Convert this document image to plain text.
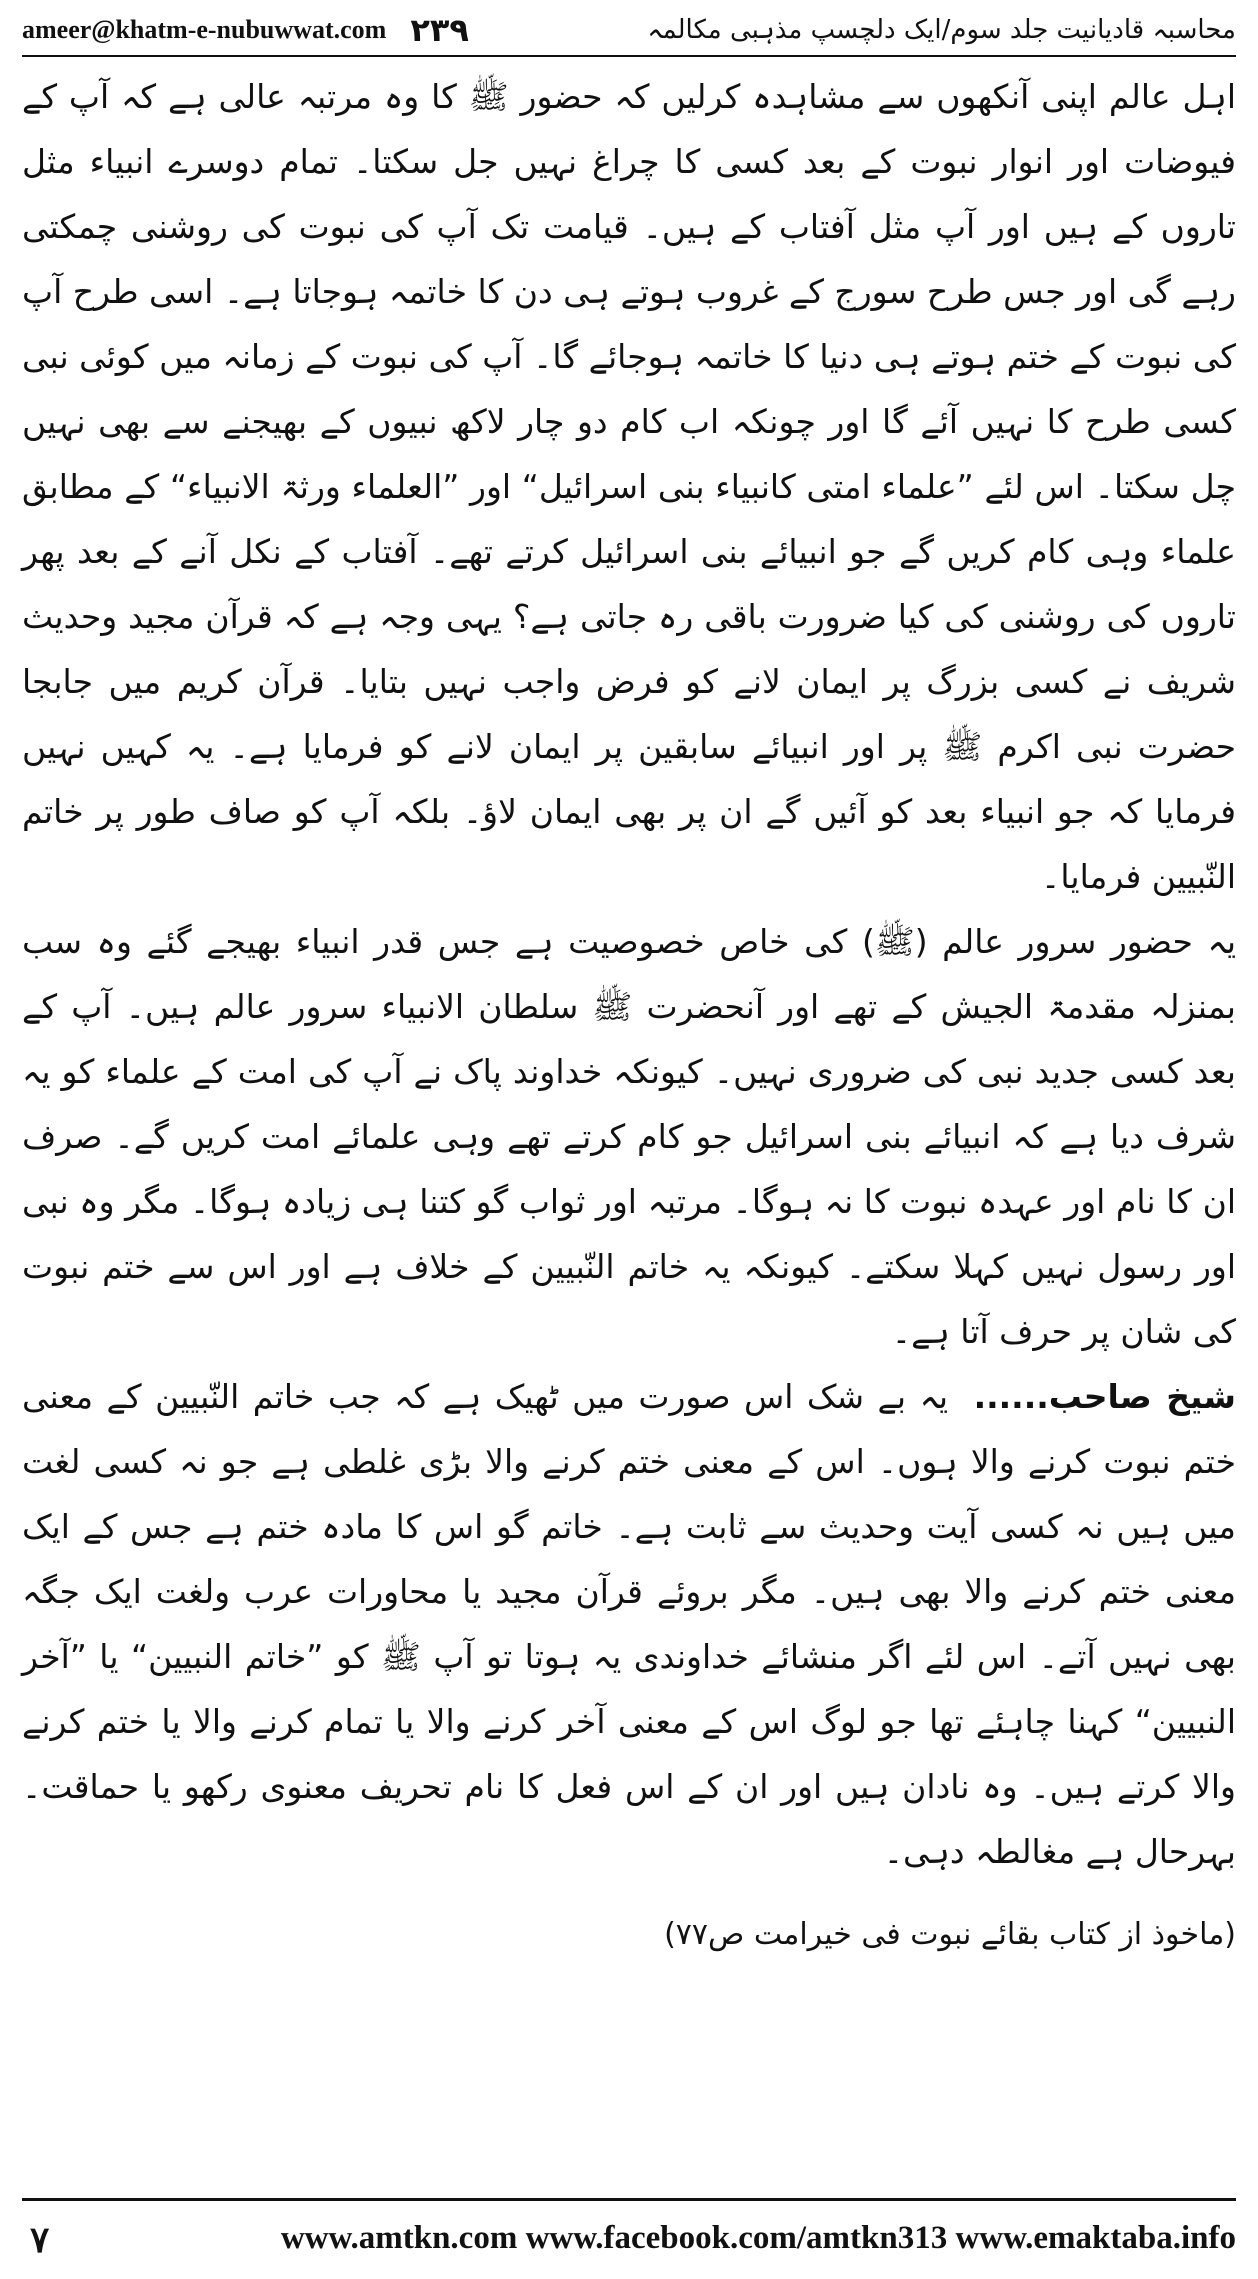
ameer@khatm-e-nubuwwat.com ۲۳۹	محاسبہ قادیانیت جلد سوم/ایک دلچسپ مذہبی مکالمہ

اہل عالم اپنی آنکھوں سے مشاہدہ کرلیں کہ حضور ﷺ کا وہ مرتبہ عالی ہے کہ آپ کے فیوضات اور انوار نبوت کے بعد کسی کا چراغ نہیں جل سکتا۔ تمام دوسرے انبیاء مثل تاروں کے ہیں اور آپ مثل آفتاب کے ہیں۔ قیامت تک آپ کی نبوت کی روشنی چمکتی رہے گی اور جس طرح سورج کے غروب ہوتے ہی دن کا خاتمہ ہوجاتا ہے۔ اسی طرح آپ کی نبوت کے ختم ہوتے ہی دنیا کا خاتمہ ہوجائے گا۔ آپ کی نبوت کے زمانہ میں کوئی نبی کسی طرح کا نہیں آئے گا اور چونکہ اب کام دو چار لاکھ نبیوں کے بھیجنے سے بھی نہیں چل سکتا۔ اس لئے ”علماء امتی کانبیاء بنی اسرائیل“ اور ”العلماء ورثۃ الانبیاء“ کے مطابق علماء وہی کام کریں گے جو انبیائے بنی اسرائیل کرتے تھے۔ آفتاب کے نکل آنے کے بعد پھر تاروں کی روشنی کی کیا ضرورت باقی رہ جاتی ہے؟ یہی وجہ ہے کہ قرآن مجید وحدیث شریف نے کسی بزرگ پر ایمان لانے کو فرض واجب نہیں بتایا۔ قرآن کریم میں جابجا حضرت نبی اکرم ﷺ پر اور انبیائے سابقین پر ایمان لانے کو فرمایا ہے۔ یہ کہیں نہیں فرمایا کہ جو انبیاء بعد کو آئیں گے ان پر بھی ایمان لاؤ۔ بلکہ آپ کو صاف طور پر خاتم النّبیین فرمایا۔

یہ حضور سرور عالم (ﷺ) کی خاص خصوصیت ہے جس قدر انبیاء بھیجے گئے وہ سب بمنزلہ مقدمۃ الجیش کے تھے اور آنحضرت ﷺ سلطان الانبیاء سرور عالم ہیں۔ آپ کے بعد کسی جدید نبی کی ضروری نہیں۔ کیونکہ خداوند پاک نے آپ کی امت کے علماء کو یہ شرف دیا ہے کہ انبیائے بنی اسرائیل جو کام کرتے تھے وہی علمائے امت کریں گے۔ صرف ان کا نام اور عہدہ نبوت کا نہ ہوگا۔ مرتبہ اور ثواب گو کتنا ہی زیادہ ہوگا۔ مگر وہ نبی اور رسول نہیں کہلا سکتے۔ کیونکہ یہ خاتم النّبیین کے خلاف ہے اور اس سے ختم نبوت کی شان پر حرف آتا ہے۔

شیخ صاحب...... یہ بے شک اس صورت میں ٹھیک ہے کہ جب خاتم النّبیین کے معنی ختم نبوت کرنے والا ہوں۔ اس کے معنی ختم کرنے والا بڑی غلطی ہے جو نہ کسی لغت میں ہیں نہ کسی آیت وحدیث سے ثابت ہے۔ خاتم گو اس کا مادہ ختم ہے جس کے ایک معنی ختم کرنے والا بھی ہیں۔ مگر بروئے قرآن مجید یا محاورات عرب ولغت ایک جگہ بھی نہیں آتے۔ اس لئے اگر منشائے خداوندی یہ ہوتا تو آپ ﷺ کو ”خاتم النبیین“ یا ”آخر النبیین“ کہنا چاہئے تھا جو لوگ اس کے معنی آخر کرنے والا یا تمام کرنے والا یا ختم کرنے والا کرتے ہیں۔ وہ نادان ہیں اور ان کے اس فعل کا نام تحریف معنوی رکھو یا حماقت۔ بہرحال ہے مغالطہ دہی۔

(ماخوذ از کتاب بقائے نبوت فی خیرامت ص۷۷)

۷	www.amtkn.com www.facebook.com/amtkn313 www.emaktaba.info
